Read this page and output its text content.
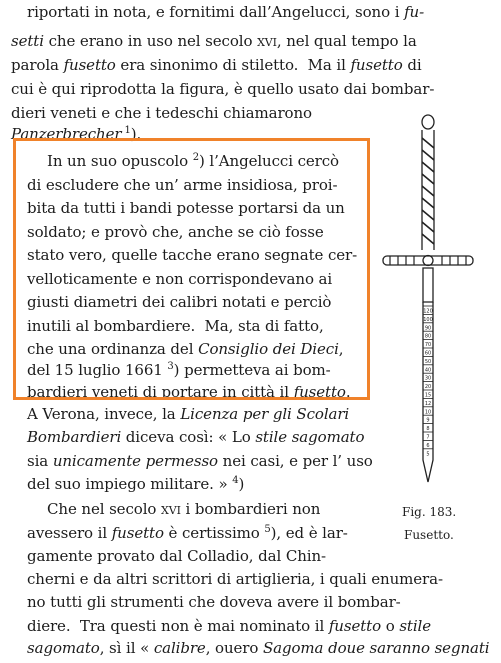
riportati in nota, e fornitimi dall’Angelucci, sono i fu-
setti che erano in uso nel secolo xvi, nel qual tempo la
parola fusetto era sinonimo di stiletto.  Ma il fusetto di
cui è qui riprodotta la figura, è quello usato dai bombar-
dieri veneti e che i tedeschi chiamarono
Panzerbrecher $^1$).
In un suo opuscolo $^2$) l’Angelucci cercò
di escludere che un’ arme insidiosa, proi-
bita da tutti i bandi potesse portarsi da un
soldato; e provò che, anche se ciò fosse
stato vero, quelle tacche erano segnate cer-
velloticamente e non corrispondevano ai
giusti diametri dei calibri notati e perciò
inutili al bombardiere.  Ma, sta di fatto,
che una ordinanza del Consiglio dei Dieci,
del 15 luglio 1661 $^3$) permetteva ai bom-
bardieri veneti di portare in città il fusetto.
A Verona, invece, la Licenza per gli Scolari
Bombardieri diceva così: « Lo stile sagomato
sia unicamente permesso nei casi, e per l’ uso
del suo impiego militare. » $^4$)
Che nel secolo xvi i bombardieri non
avessero il fusetto è certissimo $^5$), ed è lar-
gamente provato dal Colladio, dal Chin-
cherni e da altri scrittori di artiglieria, i quali enumera-
no tutti gli strumenti che doveva avere il bombar-
diere.  Tra questi non è mai nominato il fusetto o stile
sagomato, sì il « calibre, ouero Sagoma doue saranno segnati
120
100
90
80
70
60
50
40
30
20
15
12
10
9
8
7
6
5
Fig. 183.
Fusetto.
